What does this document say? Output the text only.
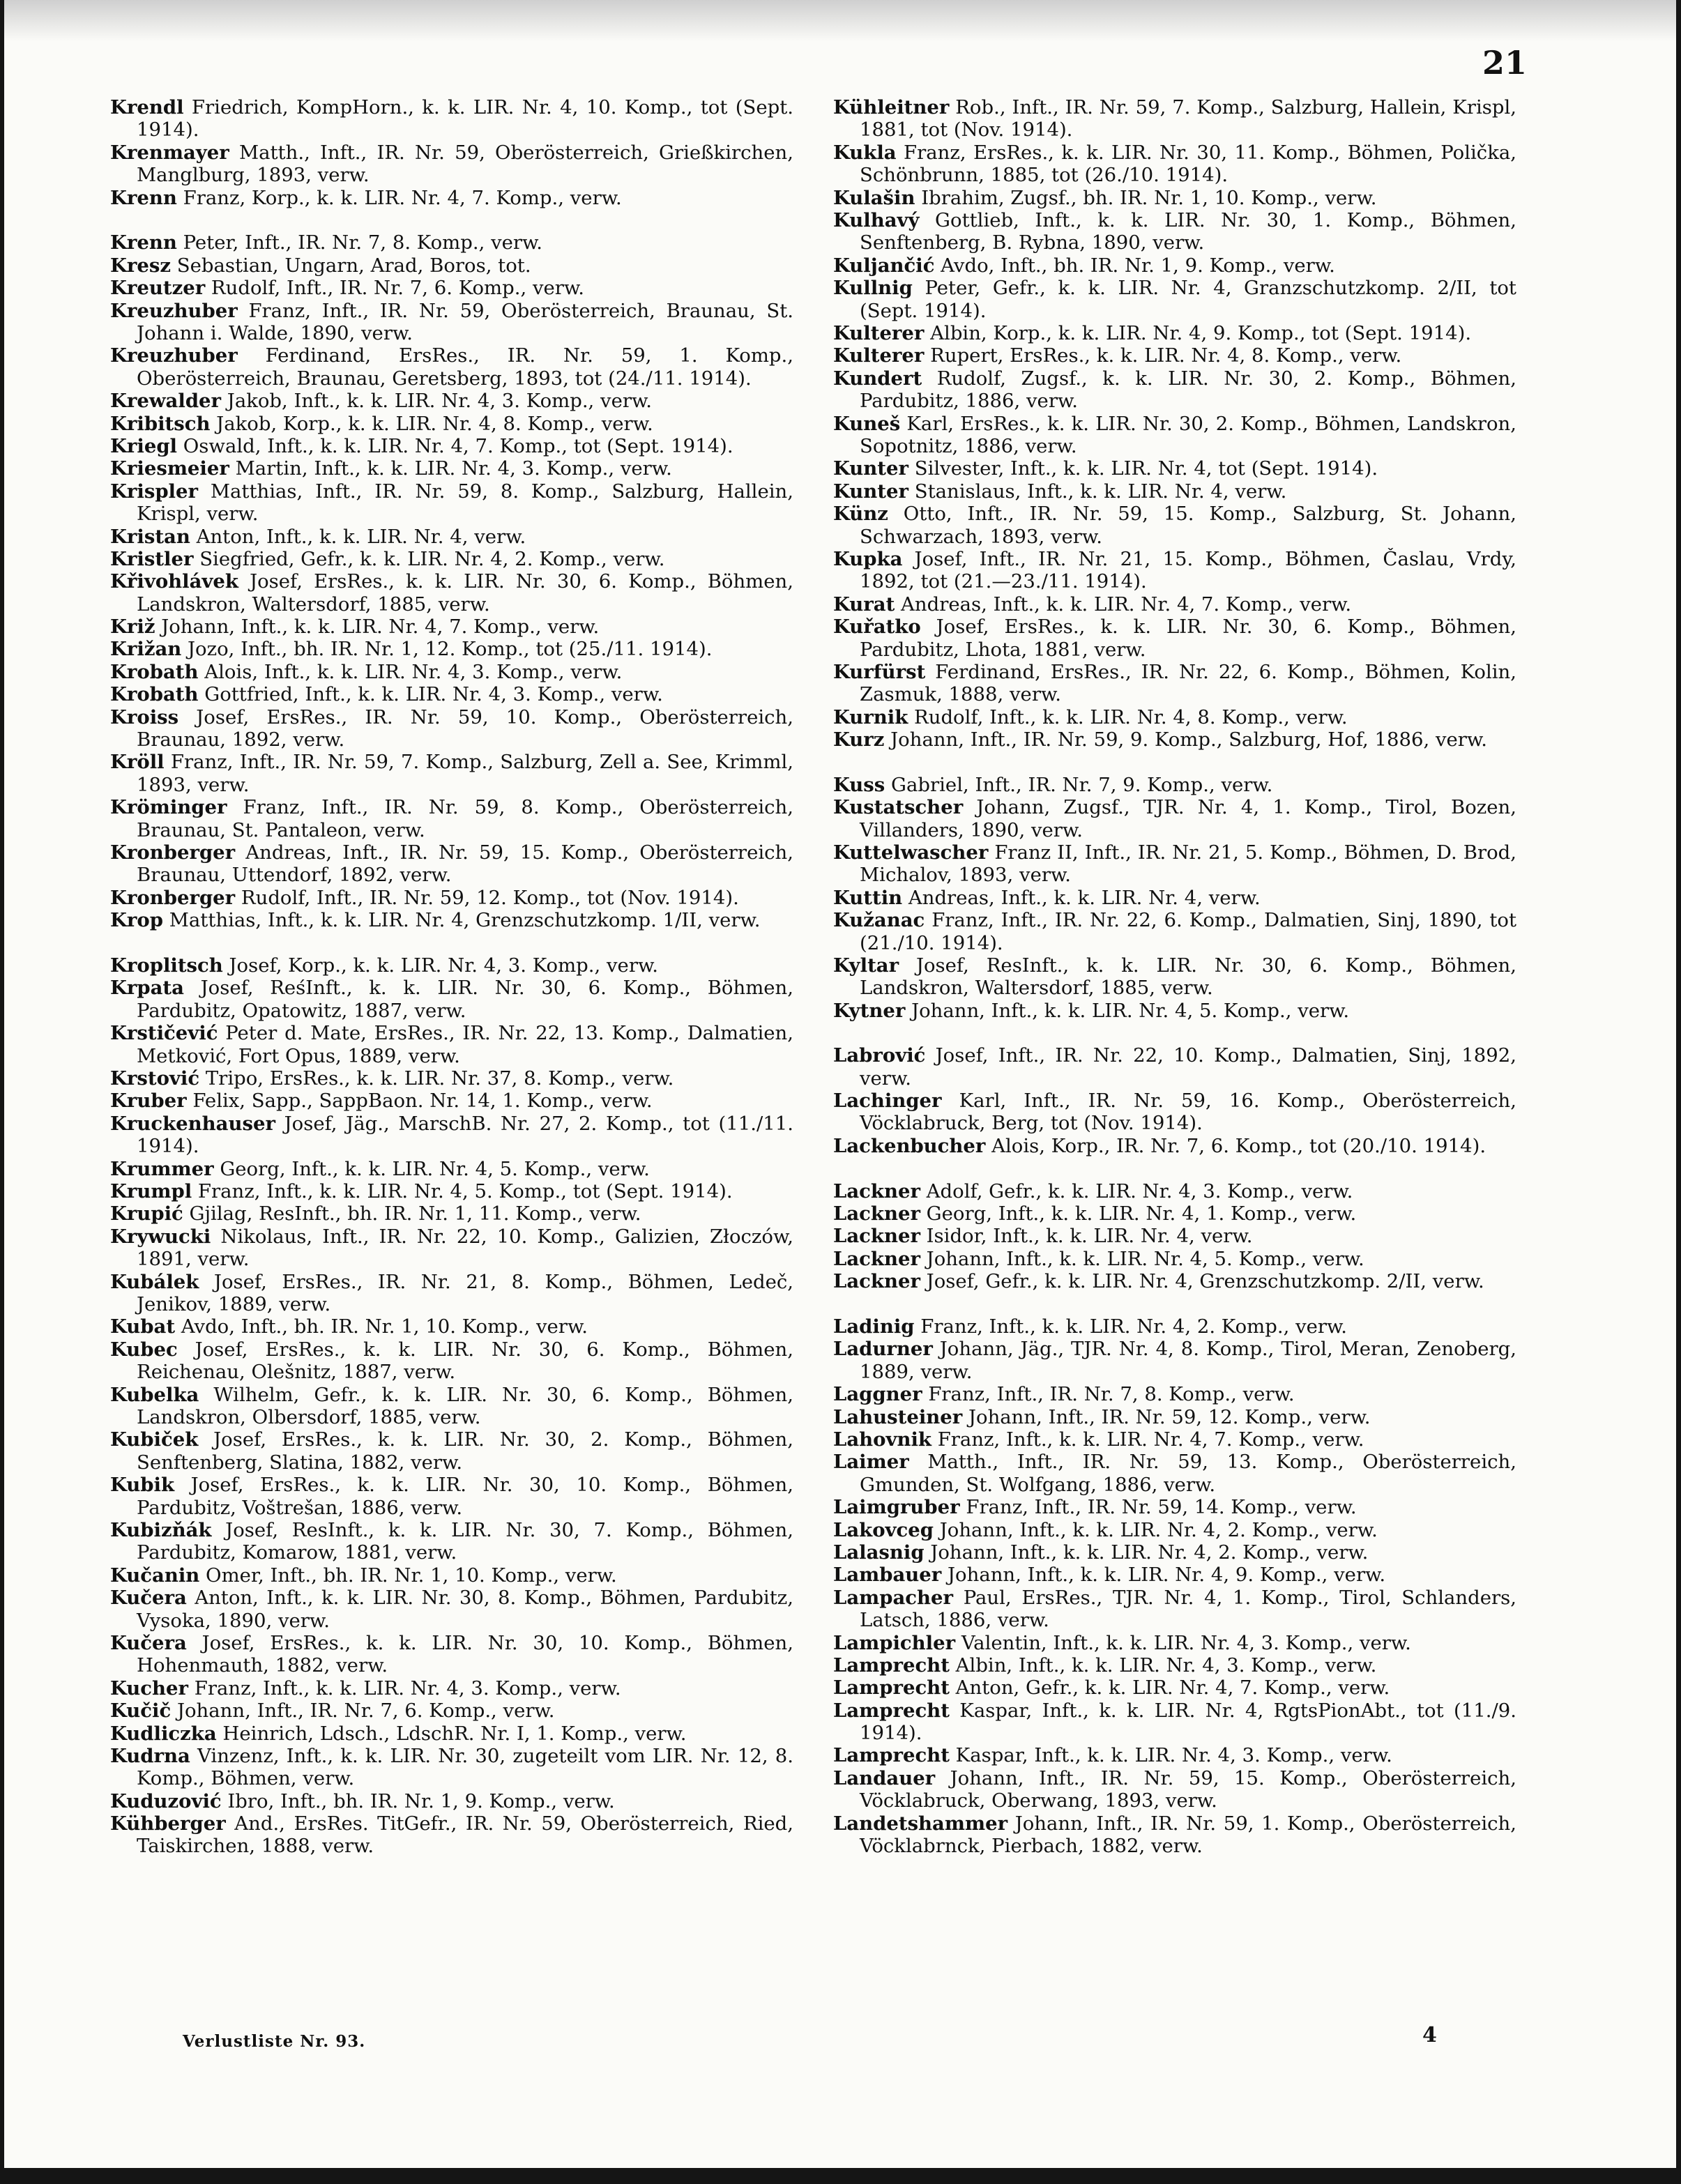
21
Krendl Friedrich, KompHorn., k. k. LIR. Nr. 4, 10. Komp., tot (Sept. 1914).
Krenmayer Matth., Inft., IR. Nr. 59, Oberösterreich, Grießkirchen, Manglburg, 1893, verw.
Krenn Franz, Korp., k. k. LIR. Nr. 4, 7. Komp., verw.
Krenn Peter, Inft., IR. Nr. 7, 8. Komp., verw.
Kresz Sebastian, Ungarn, Arad, Boros, tot.
Kreutzer Rudolf, Inft., IR. Nr. 7, 6. Komp., verw.
Kreuzhuber Franz, Inft., IR. Nr. 59, Oberösterreich, Braunau, St. Johann i. Walde, 1890, verw.
Kreuzhuber Ferdinand, ErsRes., IR. Nr. 59, 1. Komp., Oberösterreich, Braunau, Geretsberg, 1893, tot (24./11. 1914).
Krewalder Jakob, Inft., k. k. LIR. Nr. 4, 3. Komp., verw.
Kribitsch Jakob, Korp., k. k. LIR. Nr. 4, 8. Komp., verw.
Kriegl Oswald, Inft., k. k. LIR. Nr. 4, 7. Komp., tot (Sept. 1914).
Kriesmeier Martin, Inft., k. k. LIR. Nr. 4, 3. Komp., verw.
Krispler Matthias, Inft., IR. Nr. 59, 8. Komp., Salzburg, Hallein, Krispl, verw.
Kristan Anton, Inft., k. k. LIR. Nr. 4, verw.
Kristler Siegfried, Gefr., k. k. LIR. Nr. 4, 2. Komp., verw.
Křivohlávek Josef, ErsRes., k. k. LIR. Nr. 30, 6. Komp., Böhmen, Landskron, Waltersdorf, 1885, verw.
Križ Johann, Inft., k. k. LIR. Nr. 4, 7. Komp., verw.
Križan Jozo, Inft., bh. IR. Nr. 1, 12. Komp., tot (25./11. 1914).
Krobath Alois, Inft., k. k. LIR. Nr. 4, 3. Komp., verw.
Krobath Gottfried, Inft., k. k. LIR. Nr. 4, 3. Komp., verw.
Kroiss Josef, ErsRes., IR. Nr. 59, 10. Komp., Oberösterreich, Braunau, 1892, verw.
Kröll Franz, Inft., IR. Nr. 59, 7. Komp., Salzburg, Zell a. See, Krimml, 1893, verw.
Kröminger Franz, Inft., IR. Nr. 59, 8. Komp., Oberösterreich, Braunau, St. Pantaleon, verw.
Kronberger Andreas, Inft., IR. Nr. 59, 15. Komp., Oberösterreich, Braunau, Uttendorf, 1892, verw.
Kronberger Rudolf, Inft., IR. Nr. 59, 12. Komp., tot (Nov. 1914).
Krop Matthias, Inft., k. k. LIR. Nr. 4, Grenzschutzkomp. 1/II, verw.
Kroplitsch Josef, Korp., k. k. LIR. Nr. 4, 3. Komp., verw.
Krpata Josef, ReśInft., k. k. LIR. Nr. 30, 6. Komp., Böhmen, Pardubitz, Opatowitz, 1887, verw.
Krstičević Peter d. Mate, ErsRes., IR. Nr. 22, 13. Komp., Dalmatien, Metković, Fort Opus, 1889, verw.
Krstović Tripo, ErsRes., k. k. LIR. Nr. 37, 8. Komp., verw.
Kruber Felix, Sapp., SappBaon. Nr. 14, 1. Komp., verw.
Kruckenhauser Josef, Jäg., MarschB. Nr. 27, 2. Komp., tot (11./11. 1914).
Krummer Georg, Inft., k. k. LIR. Nr. 4, 5. Komp., verw.
Krumpl Franz, Inft., k. k. LIR. Nr. 4, 5. Komp., tot (Sept. 1914).
Krupić Gjilag, ResInft., bh. IR. Nr. 1, 11. Komp., verw.
Krywucki Nikolaus, Inft., IR. Nr. 22, 10. Komp., Galizien, Złoczów, 1891, verw.
Kubálek Josef, ErsRes., IR. Nr. 21, 8. Komp., Böhmen, Ledeč, Jenikov, 1889, verw.
Kubat Avdo, Inft., bh. IR. Nr. 1, 10. Komp., verw.
Kubec Josef, ErsRes., k. k. LIR. Nr. 30, 6. Komp., Böhmen, Reichenau, Olešnitz, 1887, verw.
Kubelka Wilhelm, Gefr., k. k. LIR. Nr. 30, 6. Komp., Böhmen, Landskron, Olbersdorf, 1885, verw.
Kubiček Josef, ErsRes., k. k. LIR. Nr. 30, 2. Komp., Böhmen, Senftenberg, Slatina, 1882, verw.
Kubik Josef, ErsRes., k. k. LIR. Nr. 30, 10. Komp., Böhmen, Pardubitz, Voštrešan, 1886, verw.
Kubizňák Josef, ResInft., k. k. LIR. Nr. 30, 7. Komp., Böhmen, Pardubitz, Komarow, 1881, verw.
Kučanin Omer, Inft., bh. IR. Nr. 1, 10. Komp., verw.
Kučera Anton, Inft., k. k. LIR. Nr. 30, 8. Komp., Böhmen, Pardubitz, Vysoka, 1890, verw.
Kučera Josef, ErsRes., k. k. LIR. Nr. 30, 10. Komp., Böhmen, Hohenmauth, 1882, verw.
Kucher Franz, Inft., k. k. LIR. Nr. 4, 3. Komp., verw.
Kučič Johann, Inft., IR. Nr. 7, 6. Komp., verw.
Kudliczka Heinrich, Ldsch., LdschR. Nr. I, 1. Komp., verw.
Kudrna Vinzenz, Inft., k. k. LIR. Nr. 30, zugeteilt vom LIR. Nr. 12, 8. Komp., Böhmen, verw.
Kuduzović Ibro, Inft., bh. IR. Nr. 1, 9. Komp., verw.
Kühberger And., ErsRes. TitGefr., IR. Nr. 59, Oberösterreich, Ried, Taiskirchen, 1888, verw.
Kühleitner Rob., Inft., IR. Nr. 59, 7. Komp., Salzburg, Hallein, Krispl, 1881, tot (Nov. 1914).
Kukla Franz, ErsRes., k. k. LIR. Nr. 30, 11. Komp., Böhmen, Polička, Schönbrunn, 1885, tot (26./10. 1914).
Kulašin Ibrahim, Zugsf., bh. IR. Nr. 1, 10. Komp., verw.
Kulhavý Gottlieb, Inft., k. k. LIR. Nr. 30, 1. Komp., Böhmen, Senftenberg, B. Rybna, 1890, verw.
Kuljančić Avdo, Inft., bh. IR. Nr. 1, 9. Komp., verw.
Kullnig Peter, Gefr., k. k. LIR. Nr. 4, Granzschutzkomp. 2/II, tot (Sept. 1914).
Kulterer Albin, Korp., k. k. LIR. Nr. 4, 9. Komp., tot (Sept. 1914).
Kulterer Rupert, ErsRes., k. k. LIR. Nr. 4, 8. Komp., verw.
Kundert Rudolf, Zugsf., k. k. LIR. Nr. 30, 2. Komp., Böhmen, Pardubitz, 1886, verw.
Kuneš Karl, ErsRes., k. k. LIR. Nr. 30, 2. Komp., Böhmen, Landskron, Sopotnitz, 1886, verw.
Kunter Silvester, Inft., k. k. LIR. Nr. 4, tot (Sept. 1914).
Kunter Stanislaus, Inft., k. k. LIR. Nr. 4, verw.
Künz Otto, Inft., IR. Nr. 59, 15. Komp., Salzburg, St. Johann, Schwarzach, 1893, verw.
Kupka Josef, Inft., IR. Nr. 21, 15. Komp., Böhmen, Časlau, Vrdy, 1892, tot (21.—23./11. 1914).
Kurat Andreas, Inft., k. k. LIR. Nr. 4, 7. Komp., verw.
Kuřatko Josef, ErsRes., k. k. LIR. Nr. 30, 6. Komp., Böhmen, Pardubitz, Lhota, 1881, verw.
Kurfürst Ferdinand, ErsRes., IR. Nr. 22, 6. Komp., Böhmen, Kolin, Zasmuk, 1888, verw.
Kurnik Rudolf, Inft., k. k. LIR. Nr. 4, 8. Komp., verw.
Kurz Johann, Inft., IR. Nr. 59, 9. Komp., Salzburg, Hof, 1886, verw.
Kuss Gabriel, Inft., IR. Nr. 7, 9. Komp., verw.
Kustatscher Johann, Zugsf., TJR. Nr. 4, 1. Komp., Tirol, Bozen, Villanders, 1890, verw.
Kuttelwascher Franz II, Inft., IR. Nr. 21, 5. Komp., Böhmen, D. Brod, Michalov, 1893, verw.
Kuttin Andreas, Inft., k. k. LIR. Nr. 4, verw.
Kužanac Franz, Inft., IR. Nr. 22, 6. Komp., Dalmatien, Sinj, 1890, tot (21./10. 1914).
Kyltar Josef, ResInft., k. k. LIR. Nr. 30, 6. Komp., Böhmen, Landskron, Waltersdorf, 1885, verw.
Kytner Johann, Inft., k. k. LIR. Nr. 4, 5. Komp., verw.
Labrović Josef, Inft., IR. Nr. 22, 10. Komp., Dalmatien, Sinj, 1892, verw.
Lachinger Karl, Inft., IR. Nr. 59, 16. Komp., Oberösterreich, Vöcklabruck, Berg, tot (Nov. 1914).
Lackenbucher Alois, Korp., IR. Nr. 7, 6. Komp., tot (20./10. 1914).
Lackner Adolf, Gefr., k. k. LIR. Nr. 4, 3. Komp., verw.
Lackner Georg, Inft., k. k. LIR. Nr. 4, 1. Komp., verw.
Lackner Isidor, Inft., k. k. LIR. Nr. 4, verw.
Lackner Johann, Inft., k. k. LIR. Nr. 4, 5. Komp., verw.
Lackner Josef, Gefr., k. k. LIR. Nr. 4, Grenzschutzkomp. 2/II, verw.
Ladinig Franz, Inft., k. k. LIR. Nr. 4, 2. Komp., verw.
Ladurner Johann, Jäg., TJR. Nr. 4, 8. Komp., Tirol, Meran, Zenoberg, 1889, verw.
Laggner Franz, Inft., IR. Nr. 7, 8. Komp., verw.
Lahusteiner Johann, Inft., IR. Nr. 59, 12. Komp., verw.
Lahovnik Franz, Inft., k. k. LIR. Nr. 4, 7. Komp., verw.
Laimer Matth., Inft., IR. Nr. 59, 13. Komp., Oberösterreich, Gmunden, St. Wolfgang, 1886, verw.
Laimgruber Franz, Inft., IR. Nr. 59, 14. Komp., verw.
Lakovceg Johann, Inft., k. k. LIR. Nr. 4, 2. Komp., verw.
Lalasnig Johann, Inft., k. k. LIR. Nr. 4, 2. Komp., verw.
Lambauer Johann, Inft., k. k. LIR. Nr. 4, 9. Komp., verw.
Lampacher Paul, ErsRes., TJR. Nr. 4, 1. Komp., Tirol, Schlanders, Latsch, 1886, verw.
Lampichler Valentin, Inft., k. k. LIR. Nr. 4, 3. Komp., verw.
Lamprecht Albin, Inft., k. k. LIR. Nr. 4, 3. Komp., verw.
Lamprecht Anton, Gefr., k. k. LIR. Nr. 4, 7. Komp., verw.
Lamprecht Kaspar, Inft., k. k. LIR. Nr. 4, RgtsPionAbt., tot (11./9. 1914).
Lamprecht Kaspar, Inft., k. k. LIR. Nr. 4, 3. Komp., verw.
Landauer Johann, Inft., IR. Nr. 59, 15. Komp., Oberösterreich, Vöcklabruck, Oberwang, 1893, verw.
Landetshammer Johann, Inft., IR. Nr. 59, 1. Komp., Oberösterreich, Vöcklabrnck, Pierbach, 1882, verw.
Verlustliste Nr. 93.	4
